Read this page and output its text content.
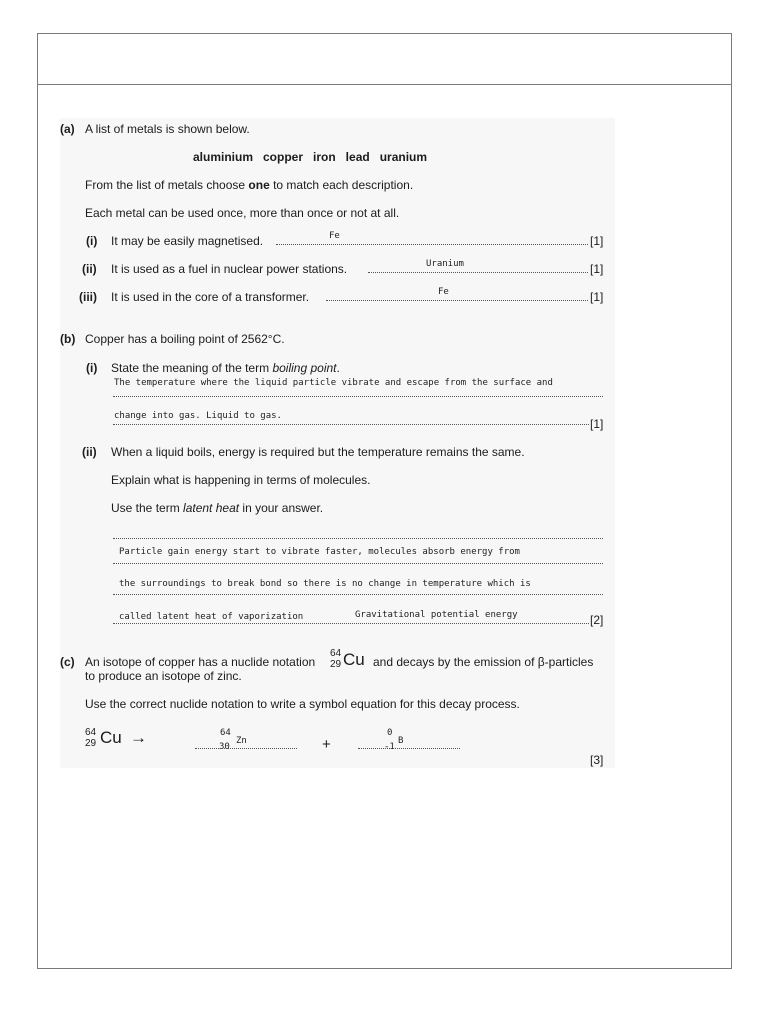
(a) A list of metals is shown below.
aluminium   copper   iron   lead   uranium
From the list of metals choose one to match each description.
Each metal can be used once, more than once or not at all.
(i) It may be easily magnetised.	Fe	[1]
(ii) It is used as a fuel in nuclear power stations.	Uranium	[1]
(iii) It is used in the core of a transformer.	Fe	[1]
(b) Copper has a boiling point of 2562°C.
(i) State the meaning of the term boiling point.
The temperature where the liquid particle vibrate and escape from the surface and
change into gas. Liquid to gas.
[1]
(ii) When a liquid boils, energy is required but the temperature remains the same.
Explain what is happening in terms of molecules.
Use the term latent heat in your answer.
Particle gain energy start to vibrate faster, molecules absorb energy from
the surroundings to break bond so there is no change in temperature which is
called latent heat of vaporization	Gravitational potential energy	[2]
(c) An isotope of copper has a nuclide notation
64
29 Cu and decays by the emission of β-particles
to produce an isotope of zinc.
Use the correct nuclide notation to write a symbol equation for this decay process.
64
29 Cu →	64
Zn
30	+
0
B
-1
[3]
